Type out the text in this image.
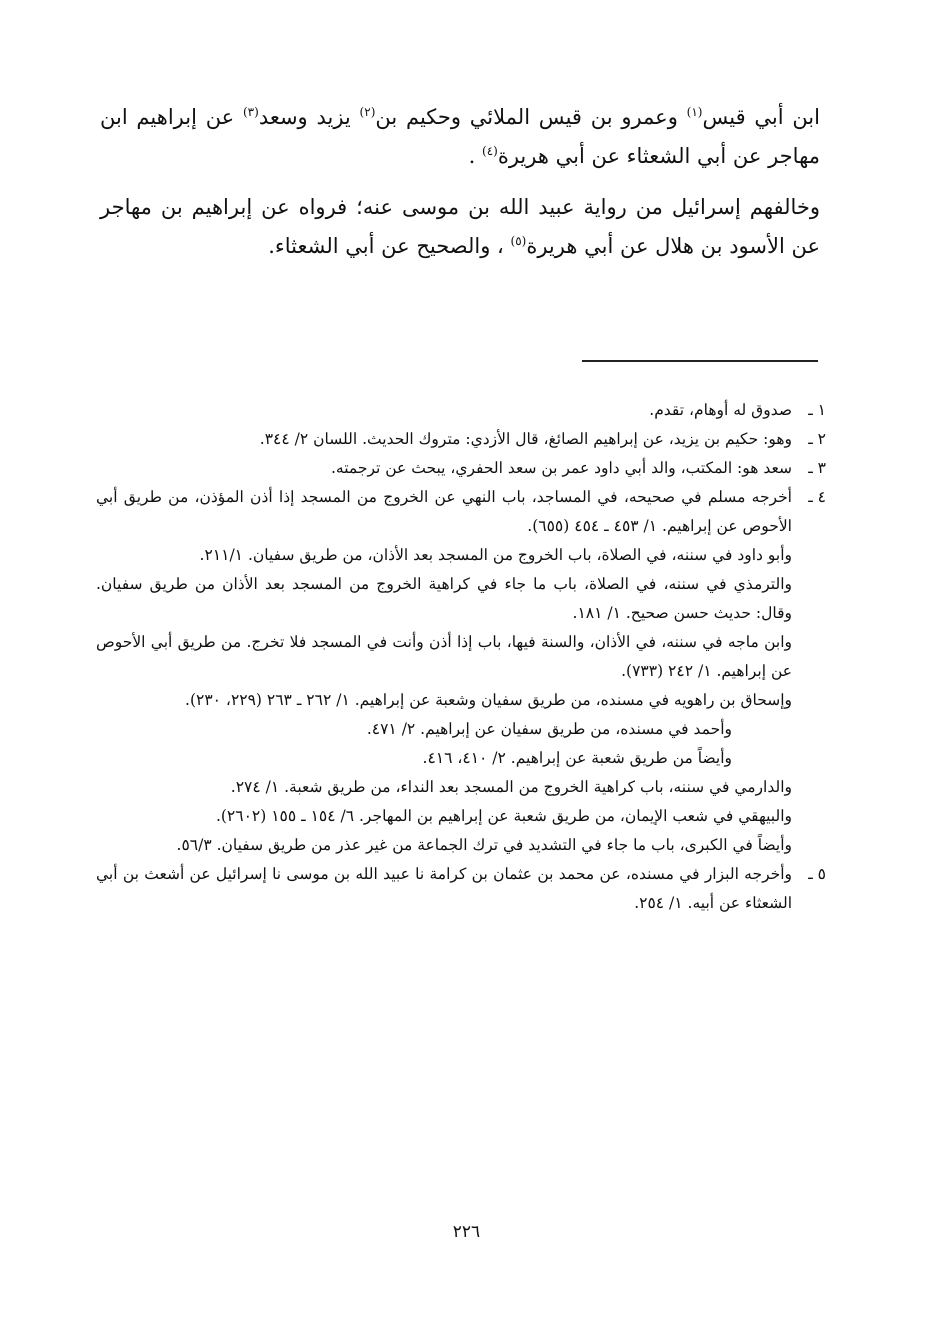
ابن أبي قيس$^{(١)}$ وعمرو بن قيس الملائي وحكيم بن$^{(٢)}$ يزيد وسعد$^{(٣)}$ عن إبراهيم ابن مهاجر عن أبي الشعثاء عن أبي هريرة$^{(٤)}$ .

وخالفهم إسرائيل من رواية عبيد الله بن موسى عنه؛ فرواه عن إبراهيم بن مهاجر عن الأسود بن هلال عن أبي هريرة$^{(٥)}$ ، والصحيح عن أبي الشعثاء.

١ ـ
صدوق له أوهام، تقدم.
٢ ـ
وهو: حكيم بن يزيد، عن إبراهيم الصائغ، قال الأزدي: متروك الحديث. اللسان ٢/ ٣٤٤.
٣ ـ
سعد هو: المكتب، والد أبي داود عمر بن سعد الحفري، يبحث عن ترجمته.
٤ ـ
أخرجه مسلم في صحيحه، في المساجد، باب النهي عن الخروج من المسجد إذا أذن المؤذن، من طريق أبي الأحوص عن إبراهيم. ١/ ٤٥٣ ـ ٤٥٤ (٦٥٥).
وأبو داود في سننه، في الصلاة، باب الخروج من المسجد بعد الأذان، من طريق سفيان. ٢١١/١.
والترمذي في سننه، في الصلاة، باب ما جاء في كراهية الخروج من المسجد بعد الأذان من طريق سفيان. وقال: حديث حسن صحيح. ١/ ١٨١.
وابن ماجه في سننه، في الأذان، والسنة فيها، باب إذا أذن وأنت في المسجد فلا تخرج. من طريق أبي الأحوص عن إبراهيم. ١/ ٢٤٢ (٧٣٣).
وإسحاق بن راهويه في مسنده، من طريق سفيان وشعبة عن إبراهيم. ١/ ٢٦٢ ـ ٢٦٣ (٢٢٩، ٢٣٠).
وأحمد في مسنده، من طريق سفيان عن إبراهيم. ٢/ ٤٧١.
وأيضاً من طريق شعبة عن إبراهيم. ٢/ ٤١٠، ٤١٦.
والدارمي في سننه، باب كراهية الخروج من المسجد بعد النداء، من طريق شعبة. ١/ ٢٧٤.
والبيهقي في شعب الإيمان، من طريق شعبة عن إبراهيم بن المهاجر. ٦/ ١٥٤ ـ ١٥٥ (٢٦٠٢).
وأيضاً في الكبرى، باب ما جاء في التشديد في ترك الجماعة من غير عذر من طريق سفيان. ٥٦/٣.
٥ ـ
وأخرجه البزار في مسنده، عن محمد بن عثمان بن كرامة نا عبيد الله بن موسى نا إسرائيل عن أشعث بن أبي الشعثاء عن أبيه. ١/ ٢٥٤.
٢٢٦
